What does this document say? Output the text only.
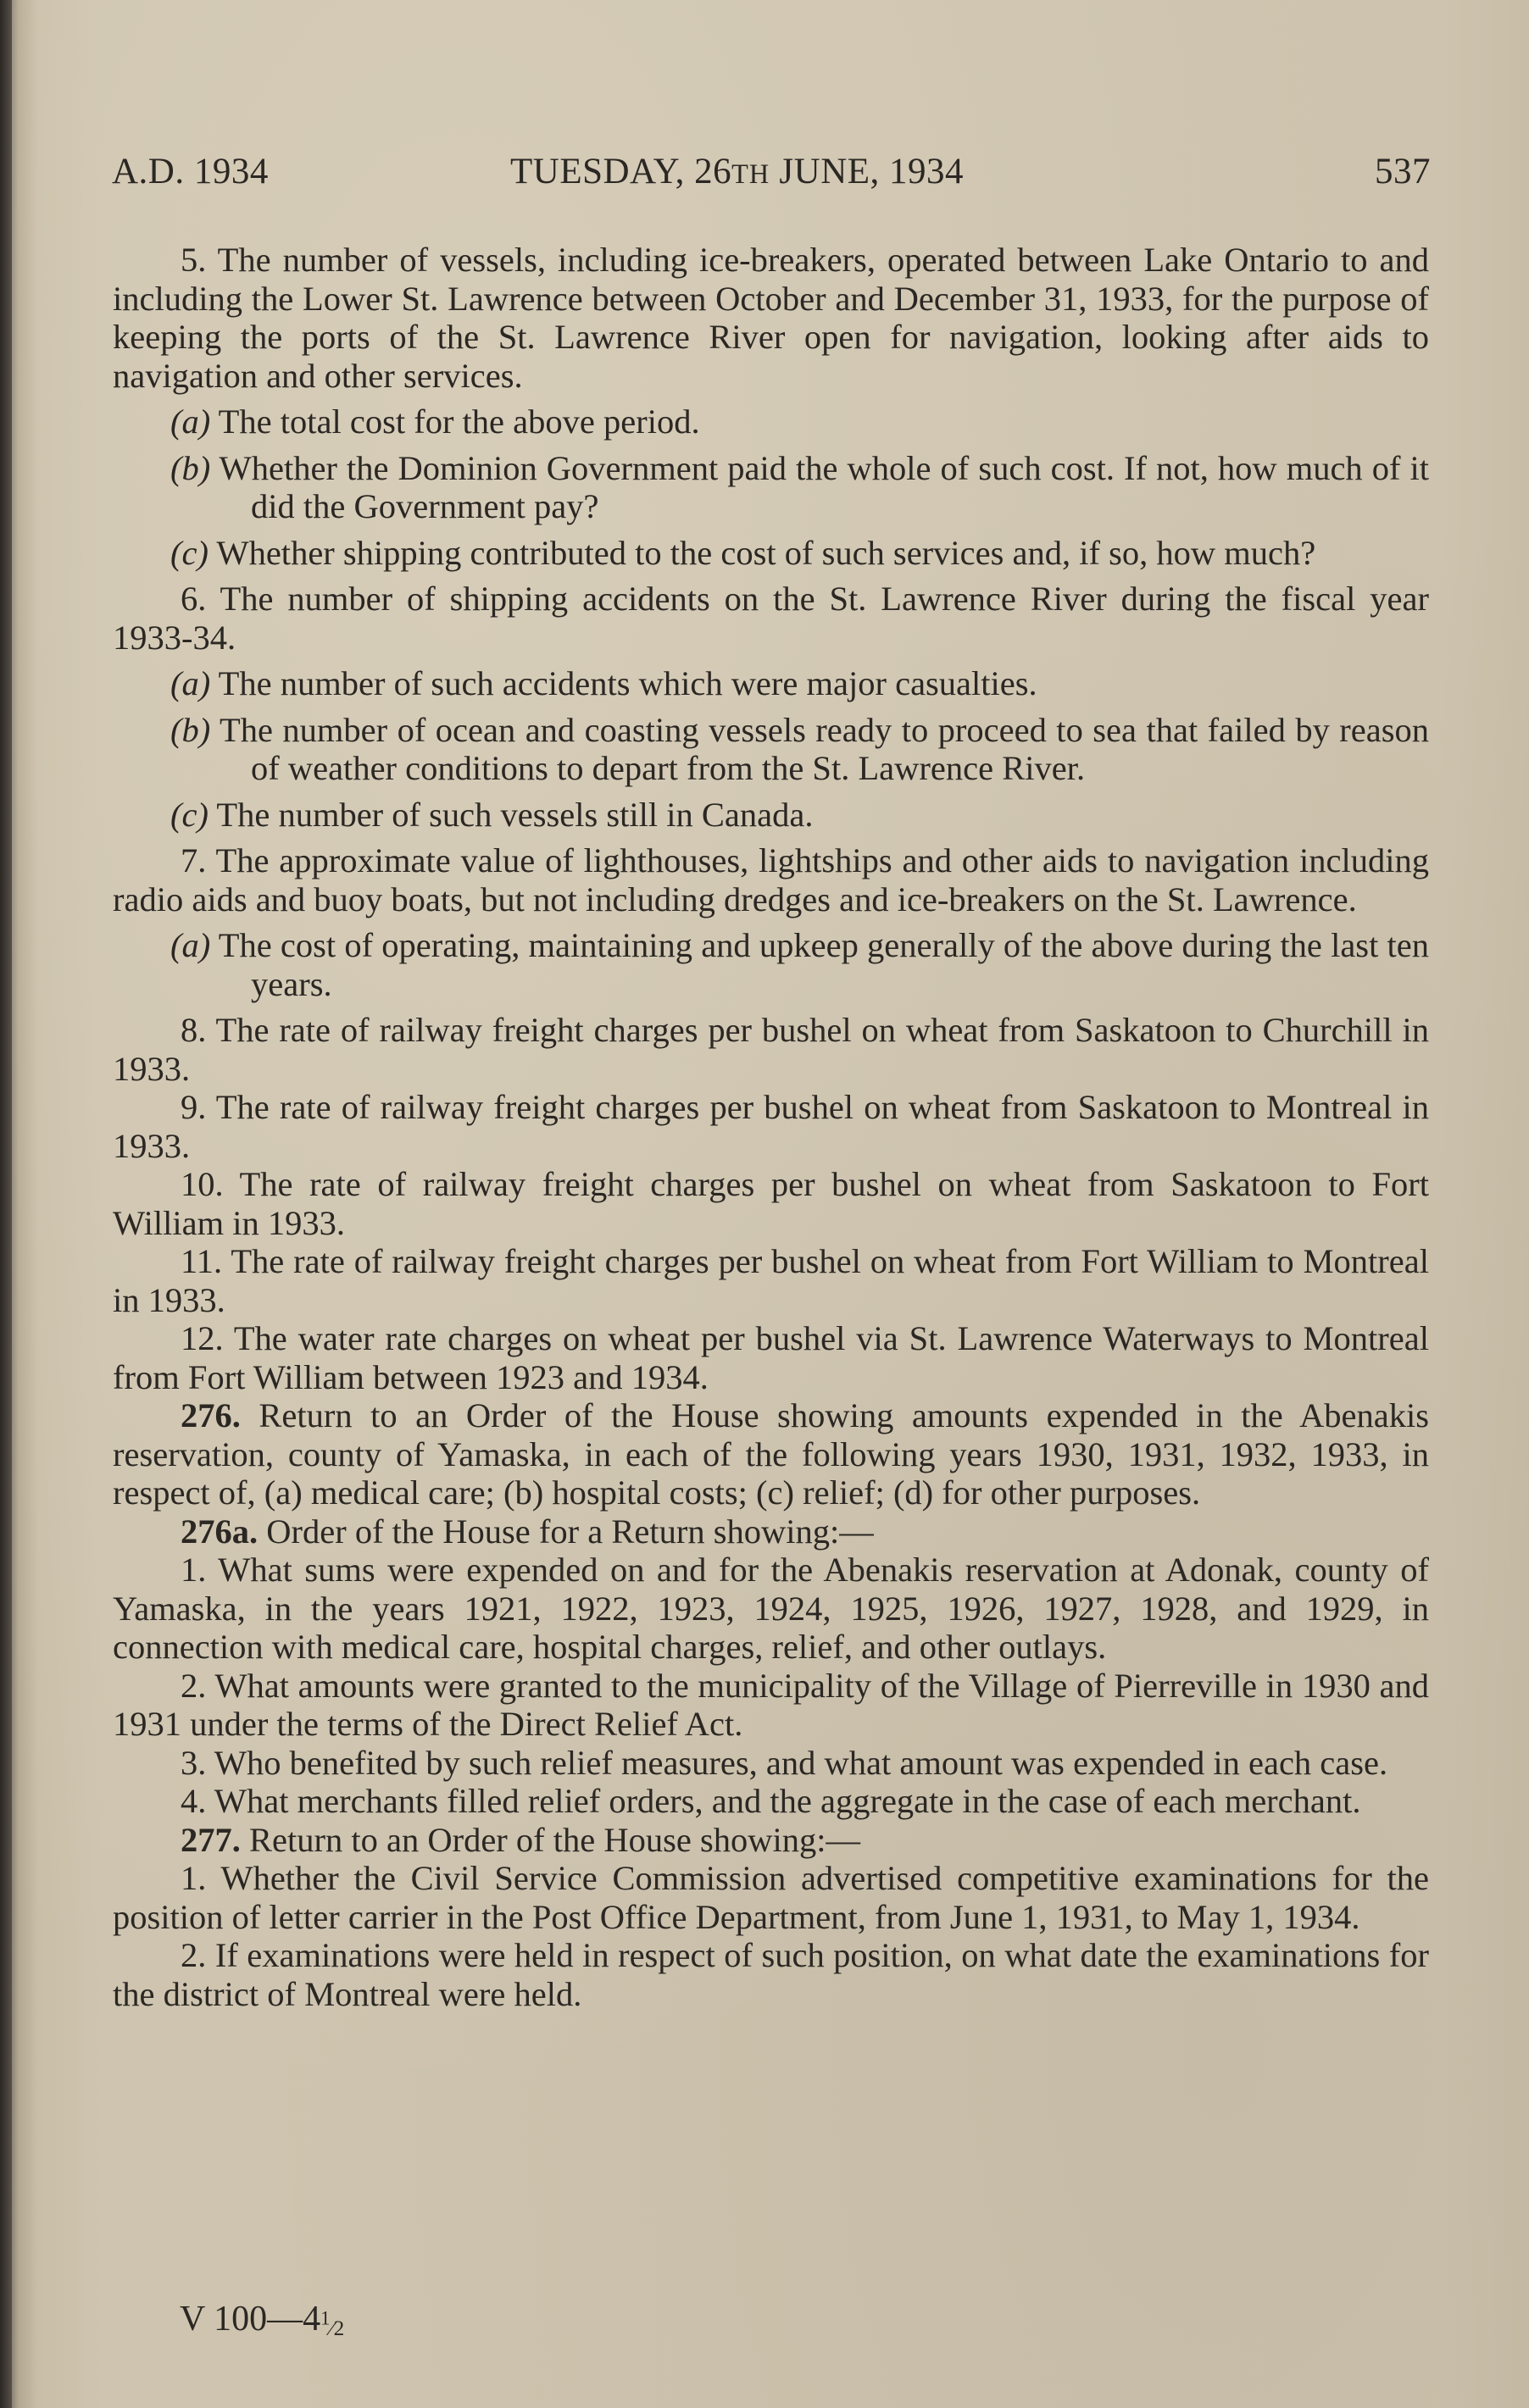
A.D. 1934	TUESDAY, 26TH JUNE, 1934	537

5. The number of vessels, including ice-breakers, operated between Lake Ontario to and including the Lower St. Lawrence between October and December 31, 1933, for the purpose of keeping the ports of the St. Lawrence River open for navigation, looking after aids to navigation and other services.

(a) The total cost for the above period.

(b) Whether the Dominion Government paid the whole of such cost. If not, how much of it did the Government pay?

(c) Whether shipping contributed to the cost of such services and, if so, how much?

6. The number of shipping accidents on the St. Lawrence River during the fiscal year 1933-34.

(a) The number of such accidents which were major casualties.

(b) The number of ocean and coasting vessels ready to proceed to sea that failed by reason of weather conditions to depart from the St. Lawrence River.

(c) The number of such vessels still in Canada.

7. The approximate value of lighthouses, lightships and other aids to navigation including radio aids and buoy boats, but not including dredges and ice-breakers on the St. Lawrence.

(a) The cost of operating, maintaining and upkeep generally of the above during the last ten years.

8. The rate of railway freight charges per bushel on wheat from Saskatoon to Churchill in 1933.

9. The rate of railway freight charges per bushel on wheat from Saskatoon to Montreal in 1933.

10. The rate of railway freight charges per bushel on wheat from Saskatoon to Fort William in 1933.

11. The rate of railway freight charges per bushel on wheat from Fort William to Montreal in 1933.

12. The water rate charges on wheat per bushel via St. Lawrence Waterways to Montreal from Fort William between 1923 and 1934.

276. Return to an Order of the House showing amounts expended in the Abenakis reservation, county of Yamaska, in each of the following years 1930, 1931, 1932, 1933, in respect of, (a) medical care; (b) hospital costs; (c) relief; (d) for other purposes.

276a. Order of the House for a Return showing:—

1. What sums were expended on and for the Abenakis reservation at Adonak, county of Yamaska, in the years 1921, 1922, 1923, 1924, 1925, 1926, 1927, 1928, and 1929, in connection with medical care, hospital charges, relief, and other outlays.

2. What amounts were granted to the municipality of the Village of Pierreville in 1930 and 1931 under the terms of the Direct Relief Act.

3. Who benefited by such relief measures, and what amount was expended in each case.

4. What merchants filled relief orders, and the aggregate in the case of each merchant.

277. Return to an Order of the House showing:—

1. Whether the Civil Service Commission advertised competitive examinations for the position of letter carrier in the Post Office Department, from June 1, 1931, to May 1, 1934.

2. If examinations were held in respect of such position, on what date the examinations for the district of Montreal were held.

V 100—41⁄2
